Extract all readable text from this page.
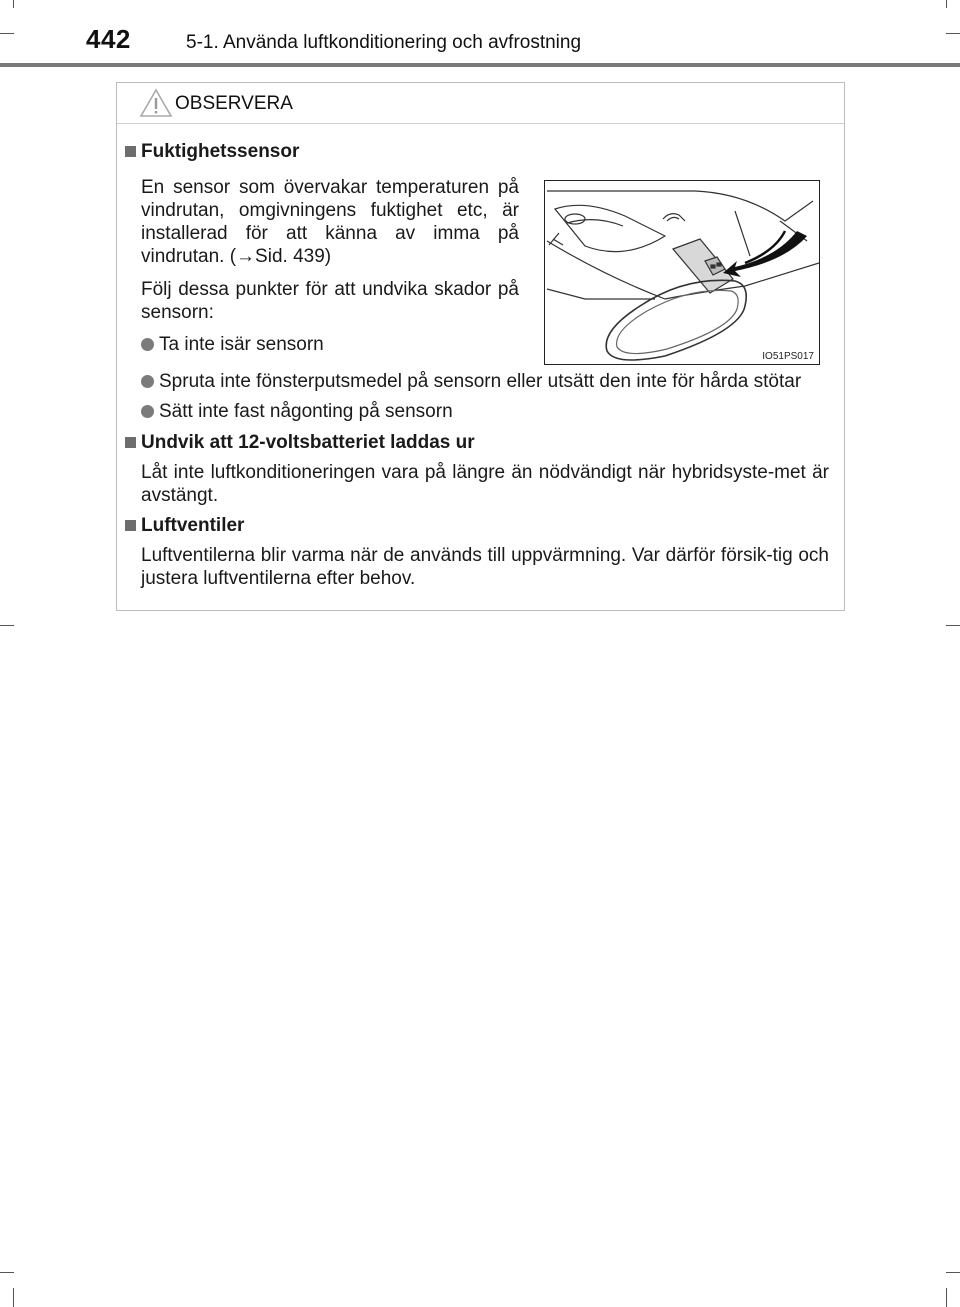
442	5-1. Använda luftkonditionering och avfrostning
OBSERVERA
Fuktighetssensor
En sensor som övervakar temperaturen på vindrutan, omgivningens fuktighet etc, är installerad för att känna av imma på vindrutan. (→Sid. 439)
Följ dessa punkter för att undvika skador på sensorn:
Ta inte isär sensorn
IO51PS017
Spruta inte fönsterputsmedel på sensorn eller utsätt den inte för hårda stötar
Sätt inte fast någonting på sensorn
Undvik att 12-voltsbatteriet laddas ur
Låt inte luftkonditioneringen vara på längre än nödvändigt när hybridsyste-met är avstängt.
Luftventiler
Luftventilerna blir varma när de används till uppvärmning. Var därför försik-tig och justera luftventilerna efter behov.
